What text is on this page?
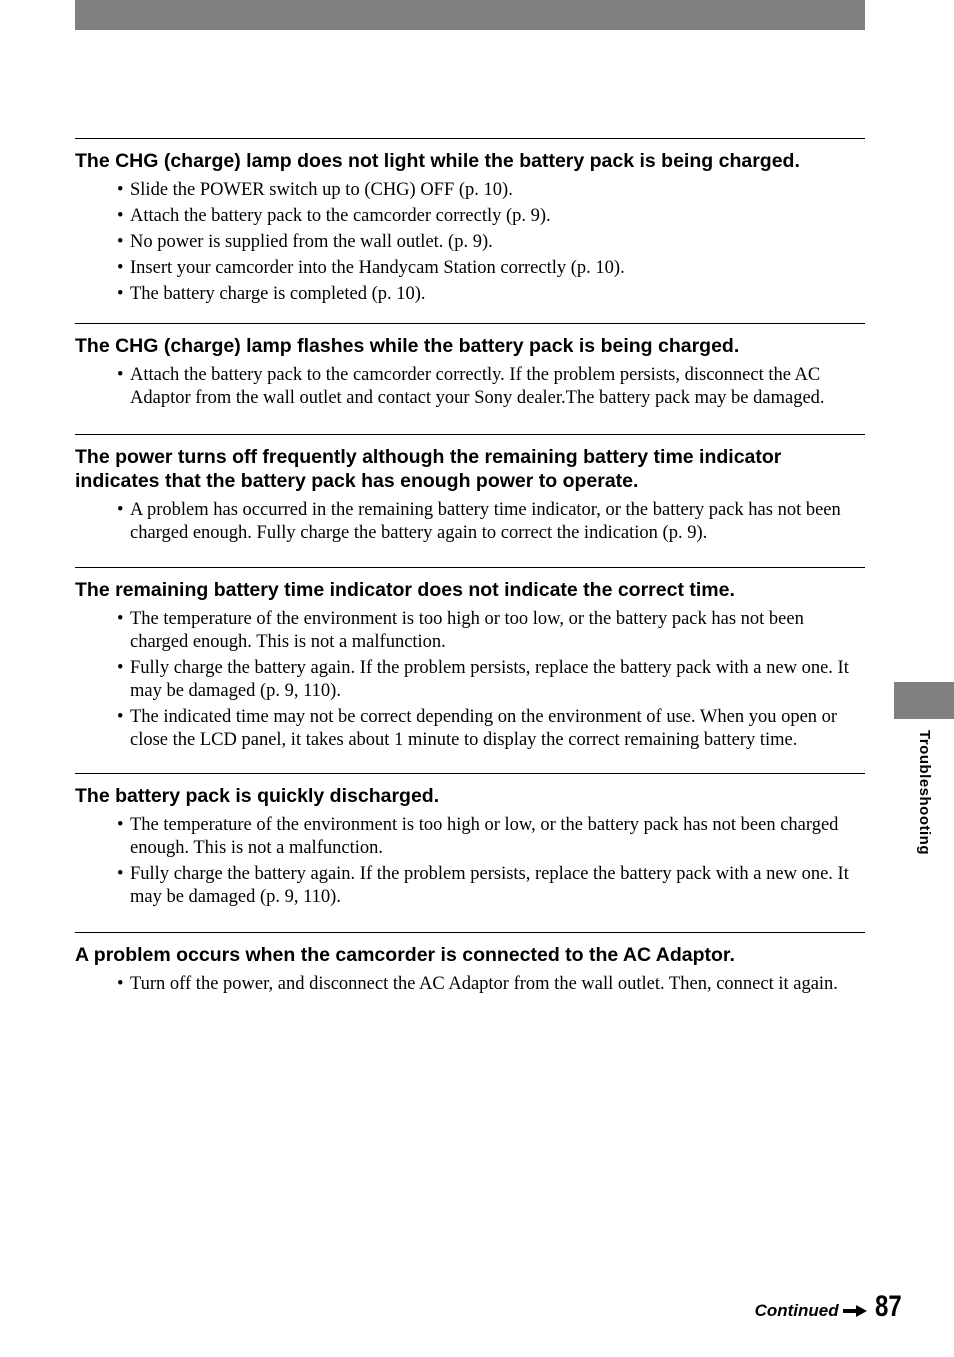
The CHG (charge) lamp does not light while the battery pack is being charged.
• Slide the POWER switch up to (CHG) OFF (p. 10).
• Attach the battery pack to the camcorder correctly (p. 9).
• No power is supplied from the wall outlet. (p. 9).
• Insert your camcorder into the Handycam Station correctly (p. 10).
• The battery charge is completed (p. 10).
The CHG (charge) lamp flashes while the battery pack is being charged.
• Attach the battery pack to the camcorder correctly. If the problem persists, disconnect the AC Adaptor from the wall outlet and contact your Sony dealer.The battery pack may be damaged.
The power turns off frequently although the remaining battery time indicator indicates that the battery pack has enough power to operate.
• A problem has occurred in the remaining battery time indicator, or the battery pack has not been charged enough. Fully charge the battery again to correct the indication (p. 9).
The remaining battery time indicator does not indicate the correct time.
• The temperature of the environment is too high or too low, or the battery pack has not been charged enough. This is not a malfunction.
• Fully charge the battery again. If the problem persists, replace the battery pack with a new one. It may be damaged (p. 9, 110).
• The indicated time may not be correct depending on the environment of use. When you open or close the LCD panel, it takes about 1 minute to display the correct remaining battery time.
The battery pack is quickly discharged.
• The temperature of the environment is too high or low, or the battery pack has not been charged enough. This is not a malfunction.
• Fully charge the battery again. If the problem persists, replace the battery pack with a new one. It may be damaged (p. 9, 110).
A problem occurs when the camcorder is connected to the AC Adaptor.
• Turn off the power, and disconnect the AC Adaptor from the wall outlet. Then, connect it again.
Troubleshooting
Continued 87
